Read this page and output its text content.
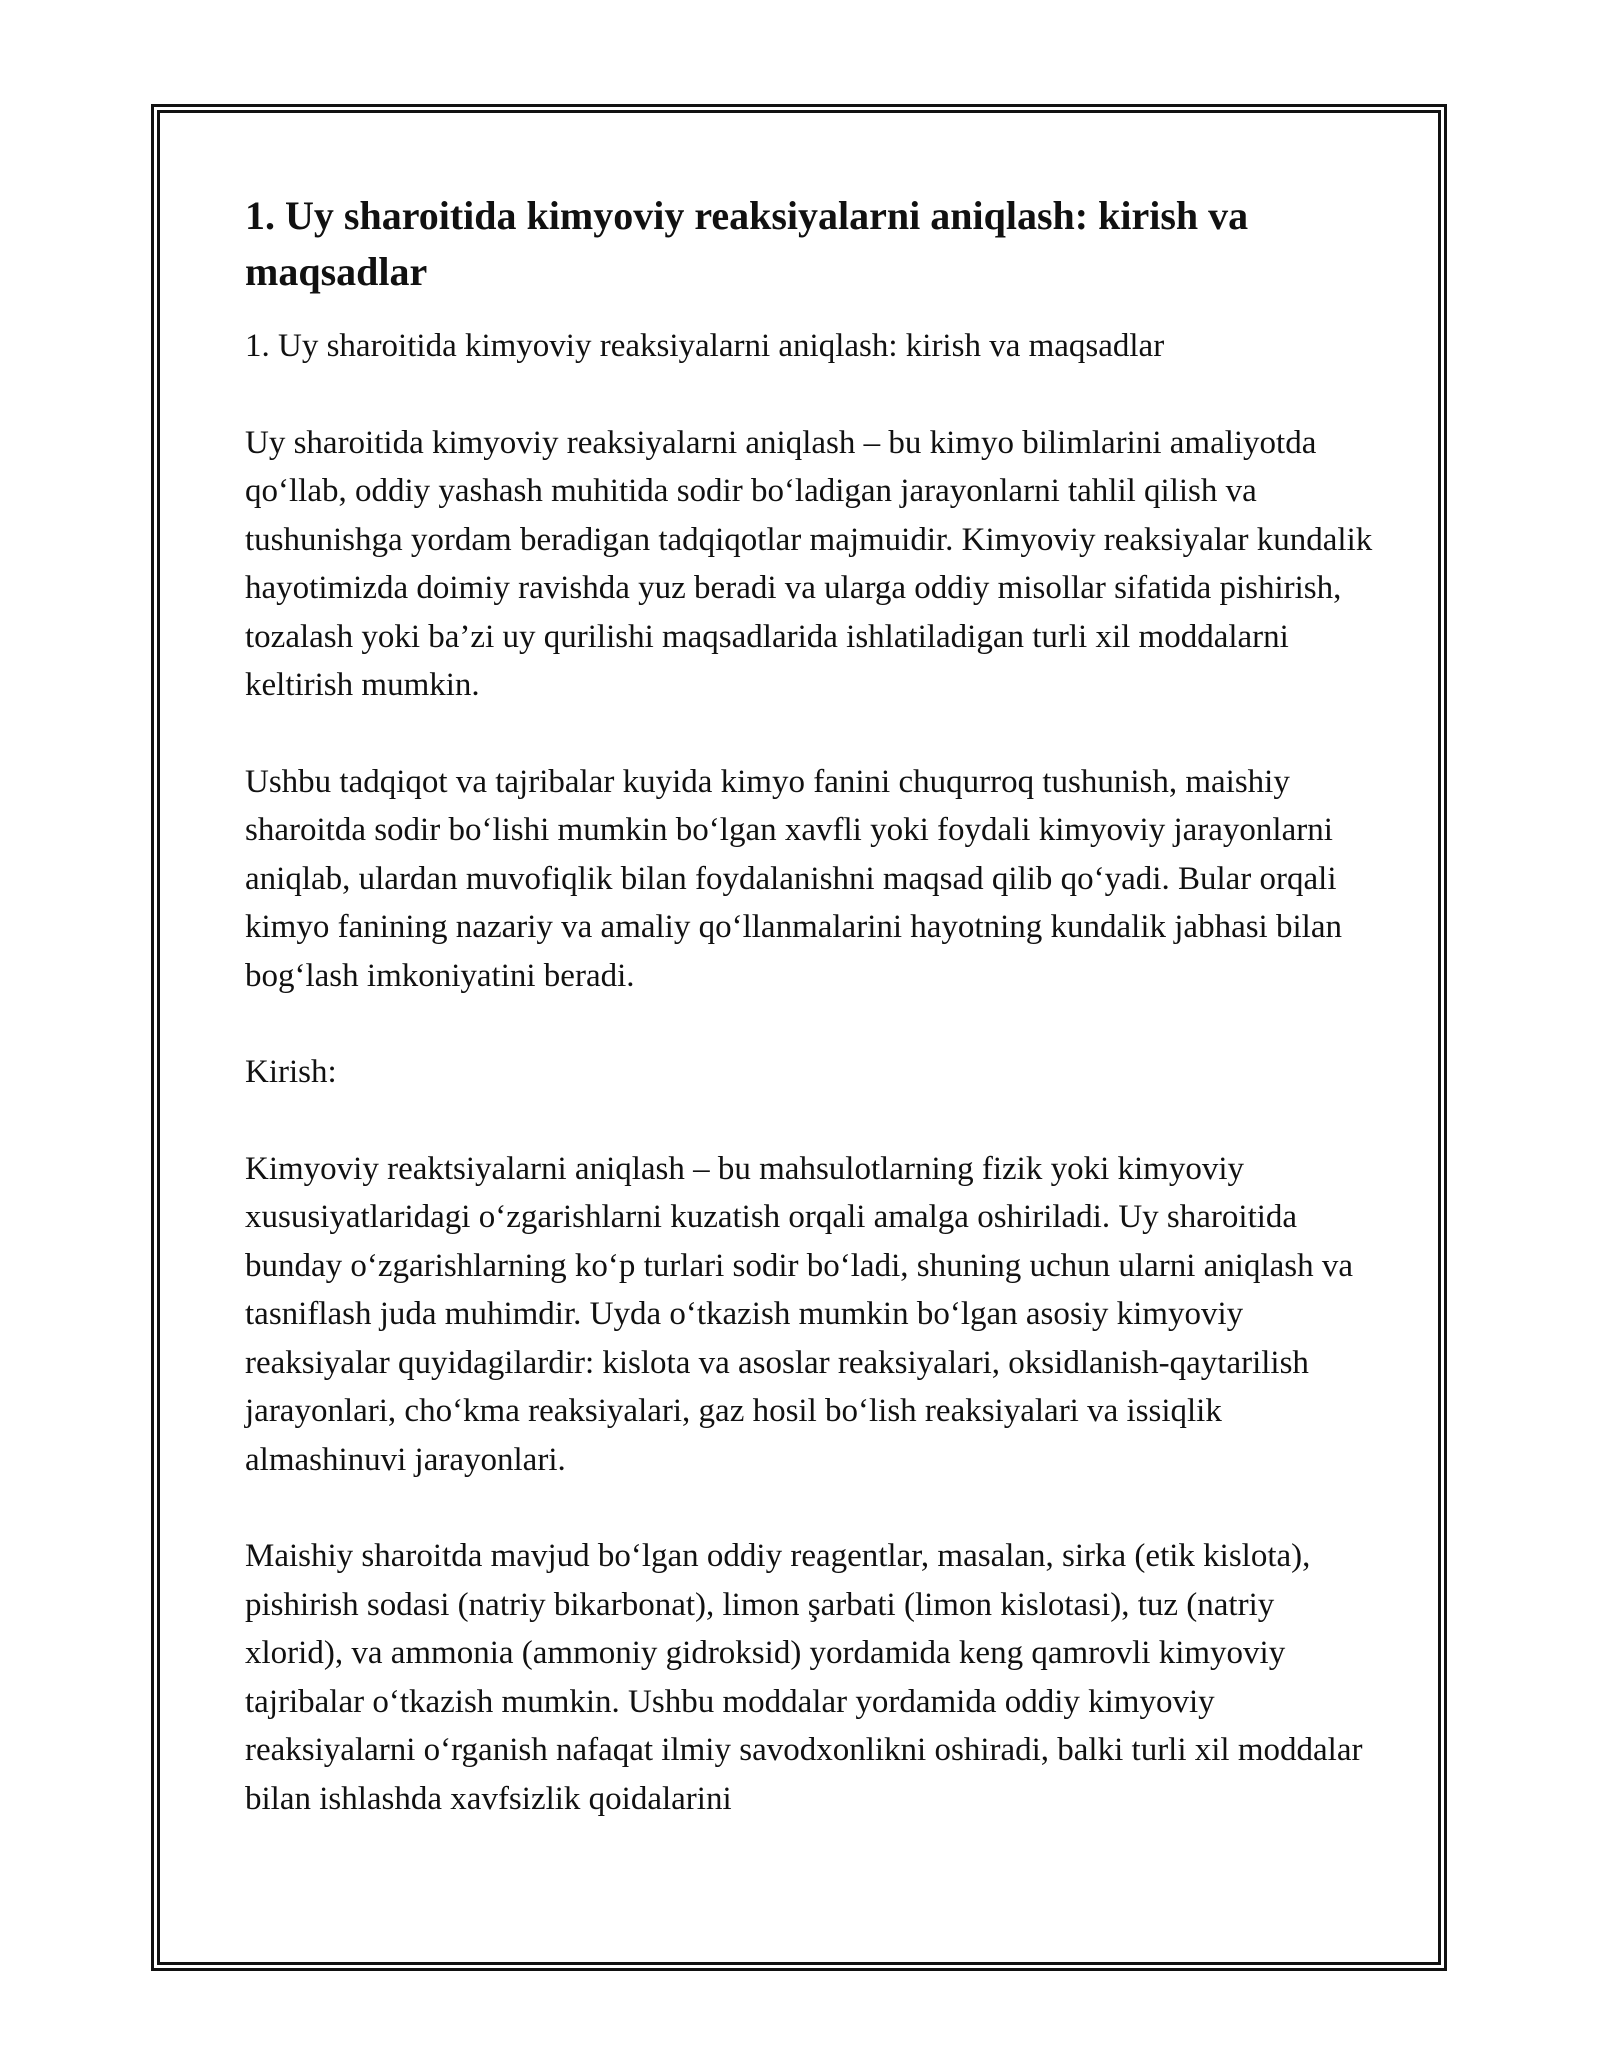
1. Uy sharoitida kimyoviy reaksiyalarni aniqlash: kirish va maqsadlar

1. Uy sharoitida kimyoviy reaksiyalarni aniqlash: kirish va maqsadlar

Uy sharoitida kimyoviy reaksiyalarni aniqlash – bu kimyo bilimlarini amaliyotda qo‘llab, oddiy yashash muhitida sodir bo‘ladigan jarayonlarni tahlil qilish va tushunishga yordam beradigan tadqiqotlar majmuidir. Kimyoviy reaksiyalar kundalik hayotimizda doimiy ravishda yuz beradi va ularga oddiy misollar sifatida pishirish, tozalash yoki ba’zi uy qurilishi maqsadlarida ishlatiladigan turli xil moddalarni keltirish mumkin.

Ushbu tadqiqot va tajribalar kuyida kimyo fanini chuqurroq tushunish, maishiy sharoitda sodir bo‘lishi mumkin bo‘lgan xavfli yoki foydali kimyoviy jarayonlarni aniqlab, ulardan muvofiqlik bilan foydalanishni maqsad qilib qo‘yadi. Bular orqali kimyo fanining nazariy va amaliy qo‘llanmalarini hayotning kundalik jabhasi bilan bog‘lash imkoniyatini beradi.

Kirish:

Kimyoviy reaktsiyalarni aniqlash – bu mahsulotlarning fizik yoki kimyoviy xususiyatlaridagi o‘zgarishlarni kuzatish orqali amalga oshiriladi. Uy sharoitida bunday o‘zgarishlarning ko‘p turlari sodir bo‘ladi, shuning uchun ularni aniqlash va tasniflash juda muhimdir. Uyda o‘tkazish mumkin bo‘lgan asosiy kimyoviy reaksiyalar quyidagilardir: kislota va asoslar reaksiyalari, oksidlanish-qaytarilish jarayonlari, cho‘kma reaksiyalari, gaz hosil bo‘lish reaksiyalari va issiqlik almashinuvi jarayonlari.

Maishiy sharoitda mavjud bo‘lgan oddiy reagentlar, masalan, sirka (etik kislota), pishirish sodasi (natriy bikarbonat), limon şarbati (limon kislotasi), tuz (natriy xlorid), va ammonia (ammoniy gidroksid) yordamida keng qamrovli kimyoviy tajribalar o‘tkazish mumkin. Ushbu moddalar yordamida oddiy kimyoviy reaksiyalarni o‘rganish nafaqat ilmiy savodxonlikni oshiradi, balki turli xil moddalar bilan ishlashda xavfsizlik qoidalarini
